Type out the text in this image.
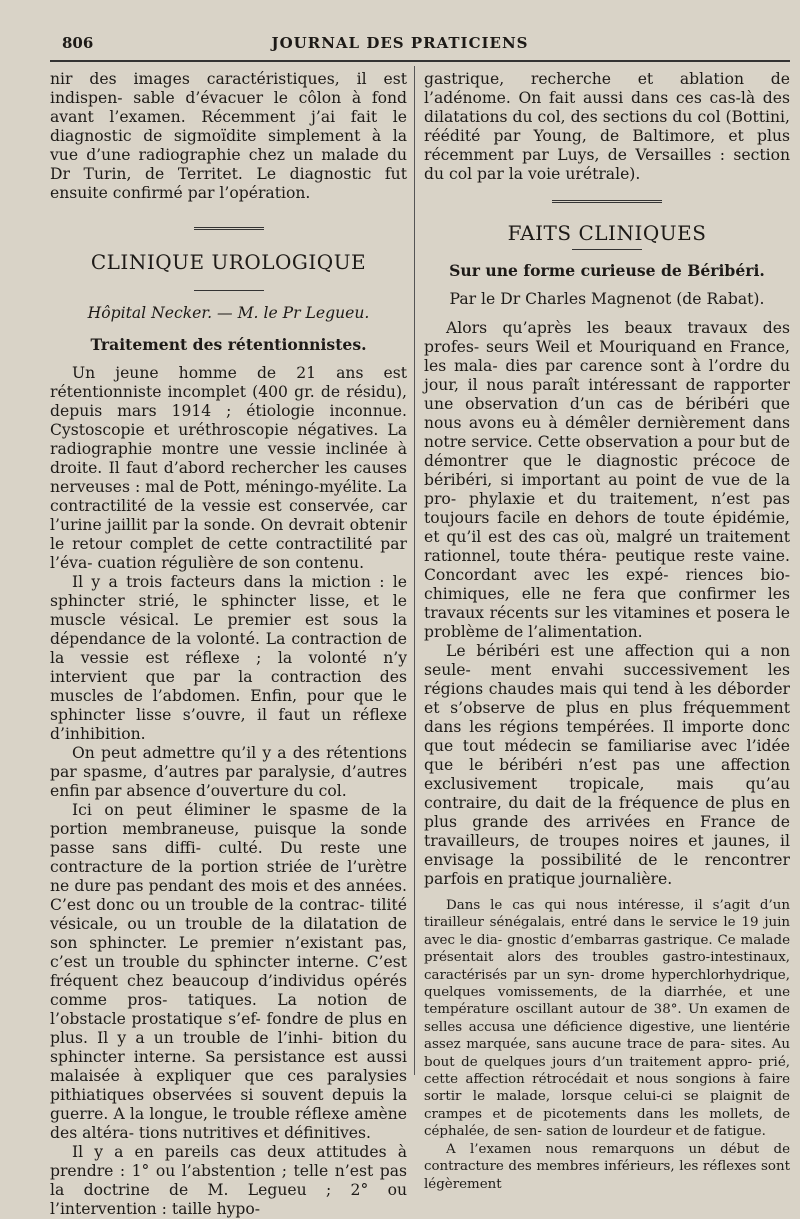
806	JOURNAL DES PRATICIENS

nir des images caractéristiques, il est indispen- sable d’évacuer le côlon à fond avant l’examen. Récemment j’ai fait le diagnostic de sigmoïdite simplement à la vue d’une radiographie chez un malade du Dr Turin, de Territet. Le diagnostic fut ensuite confirmé par l’opération.

CLINIQUE UROLOGIQUE

Hôpital Necker. — M. le Pr Legueu.

Traitement des rétentionnistes.

Un jeune homme de 21 ans est rétentionniste incomplet (400 gr. de résidu), depuis mars 1914 ; étiologie inconnue. Cystoscopie et uréthroscopie négatives. La radiographie montre une vessie inclinée à droite. Il faut d’abord rechercher les causes nerveuses : mal de Pott, méningo-myélite. La contractilité de la vessie est conservée, car l’urine jaillit par la sonde. On devrait obtenir le retour complet de cette contractilité par l’éva- cuation régulière de son contenu.

Il y a trois facteurs dans la miction : le sphincter strié, le sphincter lisse, et le muscle vésical. Le premier est sous la dépendance de la volonté. La contraction de la vessie est réflexe ; la volonté n’y intervient que par la contraction des muscles de l’abdomen. Enfin, pour que le sphincter lisse s’ouvre, il faut un réflexe d’inhibition.

On peut admettre qu’il y a des rétentions par spasme, d’autres par paralysie, d’autres enfin par absence d’ouverture du col.

Ici on peut éliminer le spasme de la portion membraneuse, puisque la sonde passe sans diffi- culté. Du reste une contracture de la portion striée de l’urètre ne dure pas pendant des mois et des années. C’est donc ou un trouble de la contrac- tilité vésicale, ou un trouble de la dilatation de son sphincter. Le premier n’existant pas, c’est un trouble du sphincter interne. C’est fréquent chez beaucoup d’individus opérés comme pros- tatiques. La notion de l’obstacle prostatique s’ef- fondre de plus en plus. Il y a un trouble de l’inhi- bition du sphincter interne. Sa persistance est aussi malaisée à expliquer que ces paralysies pithiatiques observées si souvent depuis la guerre. A la longue, le trouble réflexe amène des altéra- tions nutritives et définitives.

Il y a en pareils cas deux attitudes à prendre : 1° ou l’abstention ; telle n’est pas la doctrine de M. Legueu ; 2° ou l’intervention : taille hypo-

gastrique, recherche et ablation de l’adénome. On fait aussi dans ces cas-là des dilatations du col, des sections du col (Bottini, réédité par Young, de Baltimore, et plus récemment par Luys, de Versailles : section du col par la voie urétrale).

FAITS CLINIQUES
Sur une forme curieuse de Béribéri.
Par le Dr Charles Magnenot (de Rabat).

Alors qu’après les beaux travaux des profes- seurs Weil et Mouriquand en France, les mala- dies par carence sont à l’ordre du jour, il nous paraît intéressant de rapporter une observation d’un cas de béribéri que nous avons eu à démêler dernièrement dans notre service. Cette observation a pour but de démontrer que le diagnostic précoce de béribéri, si important au point de vue de la pro- phylaxie et du traitement, n’est pas toujours facile en dehors de toute épidémie, et qu’il est des cas où, malgré un traitement rationnel, toute théra- peutique reste vaine. Concordant avec les expé- riences bio-chimiques, elle ne fera que confirmer les travaux récents sur les vitamines et posera le problème de l’alimentation.

Le béribéri est une affection qui a non seule- ment envahi successivement les régions chaudes mais qui tend à les déborder et s’observe de plus en plus fréquemment dans les régions tempérées. Il importe donc que tout médecin se familiarise avec l’idée que le béribéri n’est pas une affection exclusivement tropicale, mais qu’au contraire, du dait de la fréquence de plus en plus grande des arrivées en France de travailleurs, de troupes noires et jaunes, il envisage la possibilité de le rencontrer parfois en pratique journalière.

Dans le cas qui nous intéresse, il s’agit d’un tirailleur sénégalais, entré dans le service le 19 juin avec le dia- gnostic d’embarras gastrique. Ce malade présentait alors des troubles gastro-intestinaux, caractérisés par un syn- drome hyperchlorhydrique, quelques vomissements, de la diarrhée, et une température oscillant autour de 38°. Un examen de selles accusa une déficience digestive, une lientérie assez marquée, sans aucune trace de para- sites. Au bout de quelques jours d’un traitement appro- prié, cette affection rétrocédait et nous songions à faire sortir le malade, lorsque celui-ci se plaignit de crampes et de picotements dans les mollets, de céphalée, de sen- sation de lourdeur et de fatigue.

A l’examen nous remarquons un début de contracture des membres inférieurs, les réflexes sont légèrement
